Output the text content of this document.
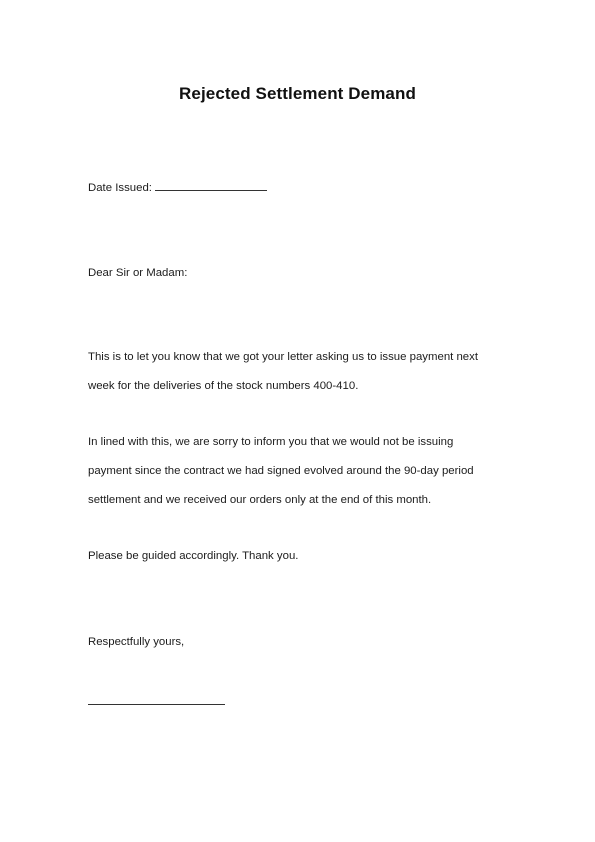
Rejected Settlement Demand
Date Issued:
Dear Sir or Madam:
This is to let you know that we got your letter asking us to issue payment next
week for the deliveries of the stock numbers 400-410.
In lined with this, we are sorry to inform you that we would not be issuing
payment since the contract we had signed evolved around the 90-day period
settlement and we received our orders only at the end of this month.
Please be guided accordingly. Thank you.
Respectfully yours,
